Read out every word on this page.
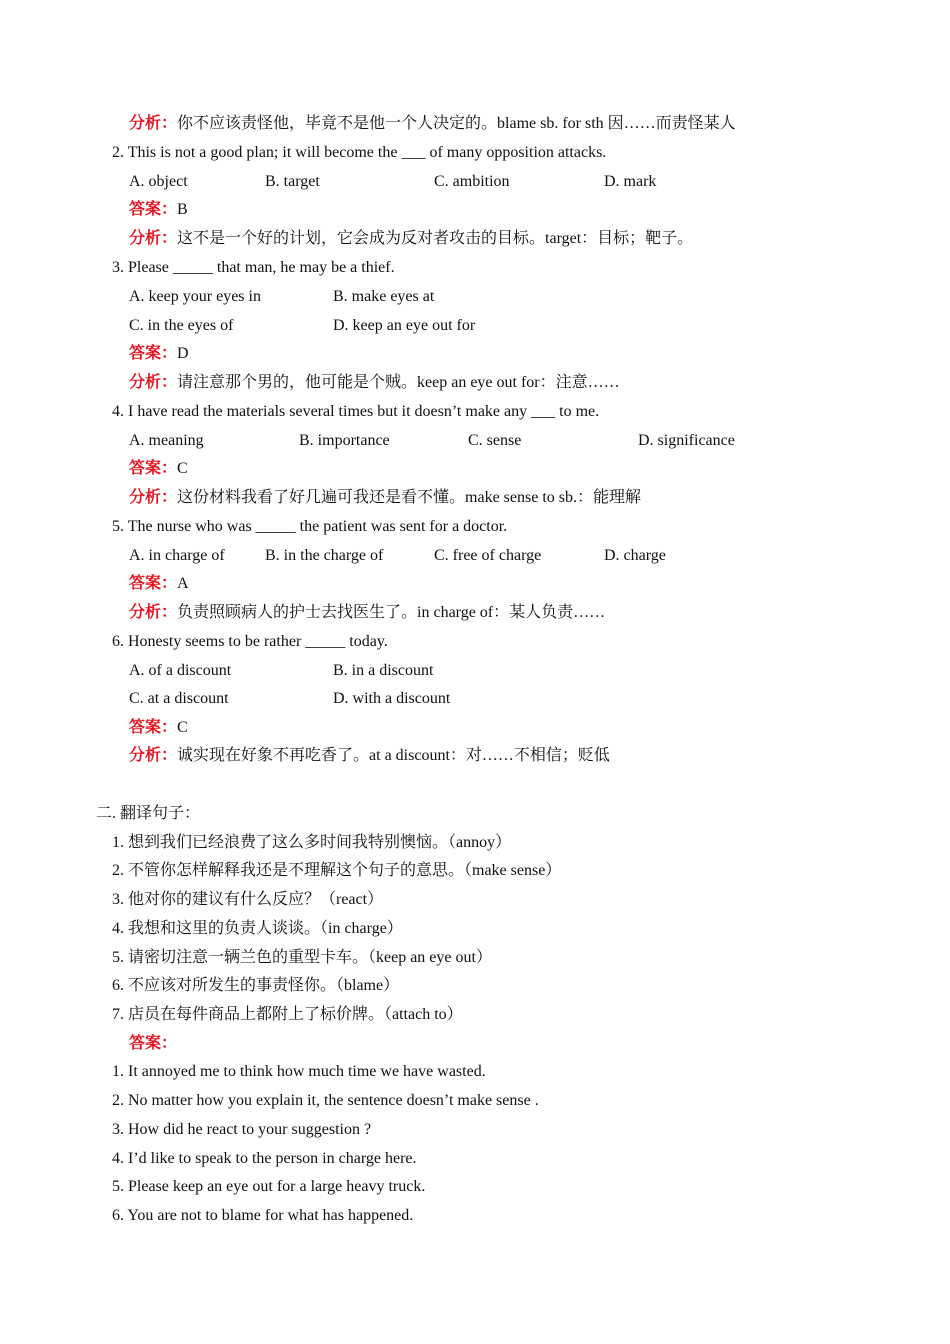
分析：你不应该责怪他，毕竟不是他一个人决定的。blame sb. for sth 因……而责怪某人
2. This is not a good plan; it will become the ___ of many opposition attacks.
A. object	B. target	C. ambition	D. mark
答案：B
分析：这不是一个好的计划，它会成为反对者攻击的目标。target：目标；靶子。
3. Please _____ that man, he may be a thief.
A. keep your eyes in	B. make eyes at
C. in the eyes of	D. keep an eye out for
答案：D
分析：请注意那个男的，他可能是个贼。keep an eye out for：注意……
4. I have read the materials several times but it doesn’t make any ___ to me.
A. meaning	B. importance	C. sense	D. significance
答案：C
分析：这份材料我看了好几遍可我还是看不懂。make sense to sb.：能理解
5. The nurse who was _____ the patient was sent for a doctor.
A. in charge of	B. in the charge of	C. free of charge	D. charge
答案：A
分析：负责照顾病人的护士去找医生了。in charge of：某人负责……
6. Honesty seems to be rather _____ today.
A. of a discount	B. in a discount
C. at a discount	D. with a discount
答案：C
分析：诚实现在好象不再吃香了。at a discount：对……不相信；贬低
二. 翻译句子：
1. 想到我们已经浪费了这么多时间我特别懊恼。（annoy）
2. 不管你怎样解释我还是不理解这个句子的意思。（make sense）
3. 他对你的建议有什么反应？（react）
4. 我想和这里的负责人谈谈。（in charge）
5. 请密切注意一辆兰色的重型卡车。（keep an eye out）
6. 不应该对所发生的事责怪你。（blame）
7. 店员在每件商品上都附上了标价牌。（attach to）
答案：
1. It annoyed me to think how much time we have wasted.
2. No matter how you explain it, the sentence doesn’t make sense .
3. How did he react to your suggestion ?
4. I’d like to speak to the person in charge here.
5. Please keep an eye out for a large heavy truck.
6. You are not to blame for what has happened.
